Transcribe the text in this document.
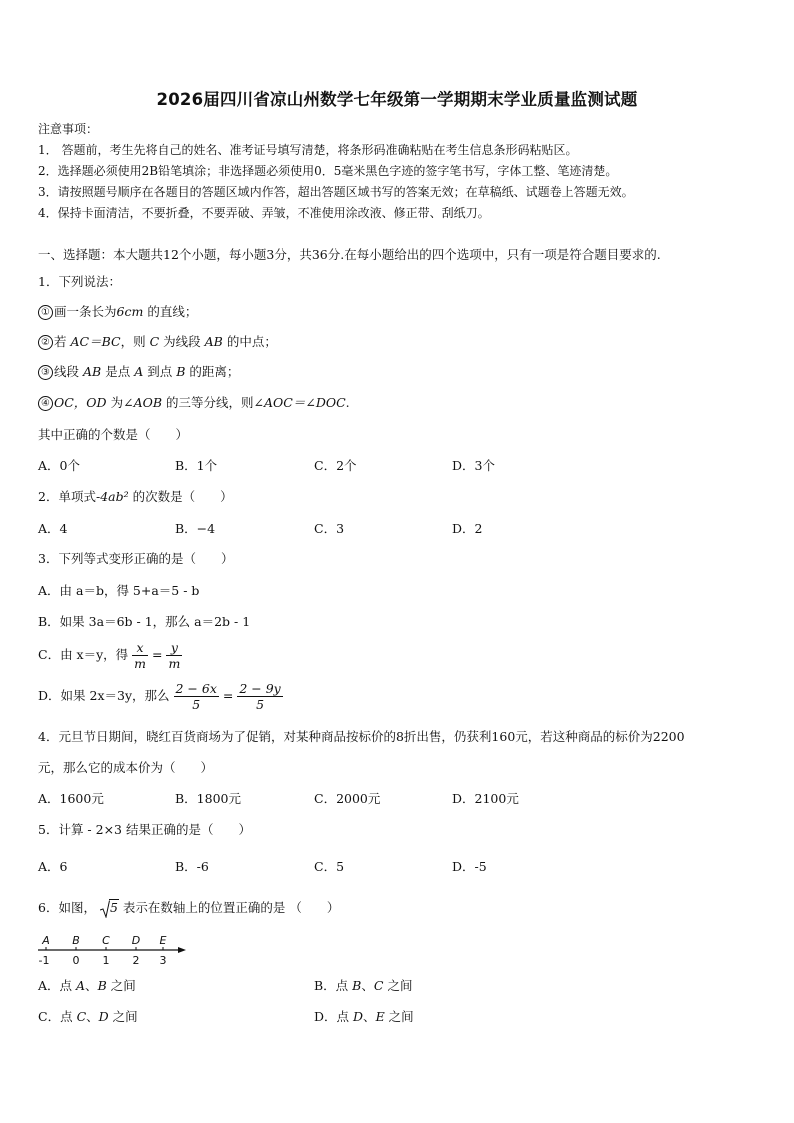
2026届四川省凉山州数学七年级第一学期期末学业质量监测试题
注意事项：
1． 答题前，考生先将自己的姓名、准考证号填写清楚，将条形码准确粘贴在考生信息条形码粘贴区。
2．选择题必须使用2B铅笔填涂；非选择题必须使用0．5毫米黑色字迹的签字笔书写，字体工整、笔迹清楚。
3．请按照题号顺序在各题目的答题区域内作答，超出答题区域书写的答案无效；在草稿纸、试题卷上答题无效。
4．保持卡面清洁，不要折叠，不要弄破、弄皱，不准使用涂改液、修正带、刮纸刀。
一、选择题：本大题共12个小题，每小题3分，共36分.在每小题给出的四个选项中，只有一项是符合题目要求的.
1．下列说法：
① 画一条长为6cm 的直线；
② 若 AC＝BC，则 C 为线段 AB 的中点；
③ 线段 AB 是点 A 到点 B 的距离；
④ OC，OD 为∠AOB 的三等分线，则∠AOC＝∠DOC.
其中正确的个数是（　　）
A．0个	B．1个	C．2个	D．3个
2．单项式-4ab² 的次数是（　　）
A．4	B．−4	C．3	D．2
3．下列等式变形正确的是（　　）
A．由 a＝b，得 5+a＝5 - b
B．如果 3a＝6b - 1，那么 a＝2b - 1
C．由 x＝y，得 $\frac{x}{m} = \frac{y}{m}$
D．如果 2x＝3y，那么 $\frac{2 - 6x}{5} = \frac{2 - 9y}{5}$
4．元旦节日期间，晓红百货商场为了促销，对某种商品按标价的8折出售，仍获利160元，若这种商品的标价为2200
元，那么它的成本价为（　　）
A．1600元	B．1800元	C．2000元	D．2100元
5．计算 - 2×3 结果正确的是（　　）
A．6	B．-6	C．5	D．-5
6．如图， 5 表示在数轴上的位置正确的是 （　　）
A B C D E
-1 0 1 2 3
A．点 A、B 之间	B．点 B、C 之间
C．点 C、D 之间	D．点 D、E 之间
